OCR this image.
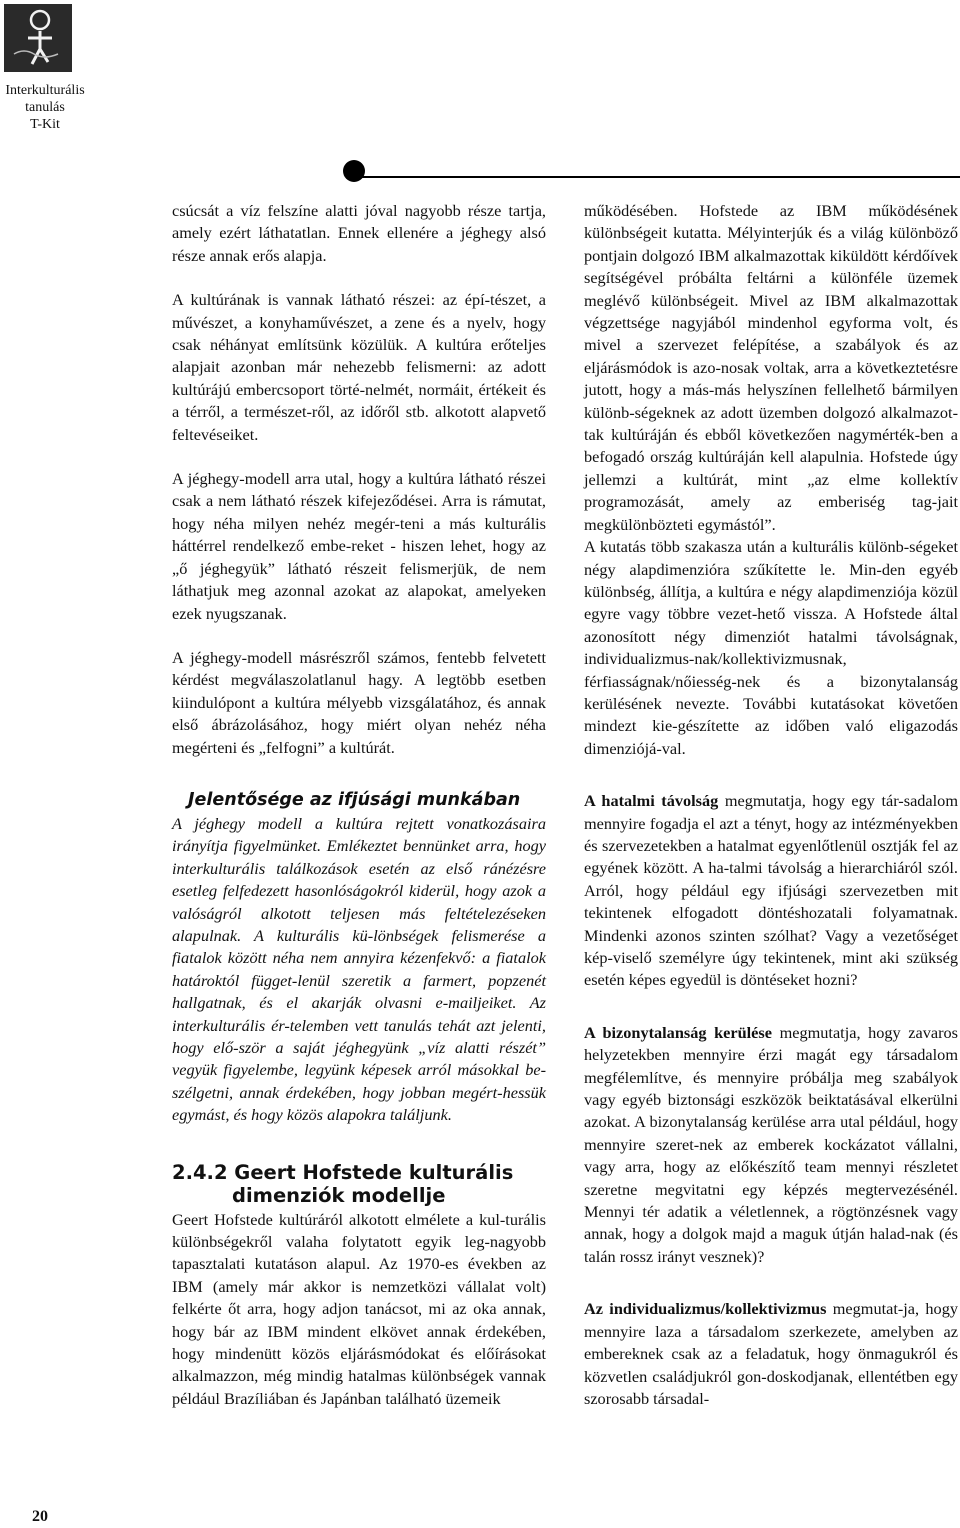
Interkulturális
tanulás
T-Kit

csúcsát a víz felszíne alatti jóval nagyobb része tartja, amely ezért láthatatlan. Ennek ellenére a jéghegy alsó része annak erős alapja.

A kultúrának is vannak látható részei: az épí-tészet, a művészet, a konyhaművészet, a zene és a nyelv, hogy csak néhányat említsünk közülük. A kultúra erőteljes alapjait azonban már nehezebb felismerni: az adott kultúrájú embercsoport törté-nelmét, normáit, értékeit és a térről, a természet-ről, az időről stb. alkotott alapvető feltevéseiket.

A jéghegy-modell arra utal, hogy a kultúra látható részei csak a nem látható részek kifejeződései. Arra is rámutat, hogy néha milyen nehéz megér-teni a más kulturális háttérrel rendelkező embe-reket - hiszen lehet, hogy az „ő jéghegyük” látható részeit felismerjük, de nem láthatjuk meg azonnal azokat az alapokat, amelyeken ezek nyugszanak.

A jéghegy-modell másrészről számos, fentebb felvetett kérdést megválaszolatlanul hagy. A legtöbb esetben kiindulópont a kultúra mélyebb vizsgálatához, és annak első ábrázolásához, hogy miért olyan nehéz néha megérteni és „felfogni” a kultúrát.

Jelentősége az ifjúsági munkában

A jéghegy modell a kultúra rejtett vonatkozásaira irányítja figyelmünket. Emlékeztet bennünket arra, hogy interkulturális találkozások esetén az első ránézésre esetleg felfedezett hasonlóságokról kiderül, hogy azok a valóságról alkotott teljesen más feltételezéseken alapulnak. A kulturális kü-lönbségek felismerése a fiatalok között néha nem annyira kézenfekvő: a fiatalok határoktól függet-lenül szeretik a farmert, popzenét hallgatnak, és el akarják olvasni e-mailjeiket. Az interkulturális ér-telemben vett tanulás tehát azt jelenti, hogy elő-ször a saját jéghegyünk „víz alatti részét” vegyük figyelembe, legyünk képesek arról másokkal be-szélgetni, annak érdekében, hogy jobban megért-hessük egymást, és hogy közös alapokra találjunk.

2.4.2 Geert Hofstede kulturális
dimenziók modellje

Geert Hofstede kultúráról alkotott elmélete a kul-turális különbségekről valaha folytatott egyik leg-nagyobb tapasztalati kutatáson alapul. Az 1970-es években az IBM (amely már akkor is nemzetközi vállalat volt) felkérte őt arra, hogy adjon tanácsot, mi az oka annak, hogy bár az IBM mindent elkövet annak érdekében, hogy mindenütt közös eljárásmódokat és előírásokat alkalmazzon, még mindig hatalmas különbségek vannak például Brazíliában és Japánban található üzemeik

működésében. Hofstede az IBM működésének különbségeit kutatta. Mélyinterjúk és a világ különböző pontjain dolgozó IBM alkalmazottak kiküldött kérdőívek segítségével próbálta feltárni a különféle üzemek meglévő különbségeit. Mivel az IBM alkalmazottak végzettsége nagyjából mindenhol egyforma volt, és mivel a szervezet felépítése, a szabályok és az eljárásmódok is azo-nosak voltak, arra a következtetésre jutott, hogy a más-más helyszínen fellelhető bármilyen különb-ségeknek az adott üzemben dolgozó alkalmazot-tak kultúráján és ebből következően nagymérték-ben a befogadó ország kultúráján kell alapulnia. Hofstede úgy jellemzi a kultúrát, mint „az elme kollektív programozását, amely az emberiség tag-jait megkülönbözteti egymástól”.

A kutatás több szakasza után a kulturális különb-ségeket négy alapdimenzióra szűkítette le. Min-den egyéb különbség, állítja, a kultúra e négy alapdimenziója közül egyre vagy többre vezet-hető vissza. A Hofstede által azonosított négy dimenziót hatalmi távolságnak, individualizmus-nak/kollektivizmusnak, férfiasságnak/nőiesség-nek és a bizonytalanság kerülésének nevezte. További kutatásokat követően mindezt kie-gészítette az időben való eligazodás dimenziójá-val.

A hatalmi távolság megmutatja, hogy egy tár-sadalom mennyire fogadja el azt a tényt, hogy az intézményekben és szervezetekben a hatalmat egyenlőtlenül osztják fel az egyének között. A ha-talmi távolság a hierarchiáról szól. Arról, hogy például egy ifjúsági szervezetben mit tekintenek elfogadott döntéshozatali folyamatnak. Mindenki azonos szinten szólhat? Vagy a vezetőséget kép-viselő személyre úgy tekintenek, mint aki szükség esetén képes egyedül is döntéseket hozni?

A bizonytalanság kerülése megmutatja, hogy zavaros helyzetekben mennyire érzi magát egy társadalom megfélemlítve, és mennyire próbálja meg szabályok vagy egyéb biztonsági eszközök beiktatásával elkerülni azokat. A bizonytalanság kerülése arra utal például, hogy mennyire szeret-nek az emberek kockázatot vállalni, vagy arra, hogy az előkészítő team mennyi részletet szeretne megvitatni egy képzés megtervezésénél. Mennyi tér adatik a véletlennek, a rögtönzésnek vagy annak, hogy a dolgok majd a maguk útján halad-nak (és talán rossz irányt vesznek)?

Az individualizmus/kollektivizmus megmutat-ja, hogy mennyire laza a társadalom szerkezete, amelyben az embereknek csak az a feladatuk, hogy önmagukról és közvetlen családjukról gon-doskodjanak, ellentétben egy szorosabb társadal-

20
